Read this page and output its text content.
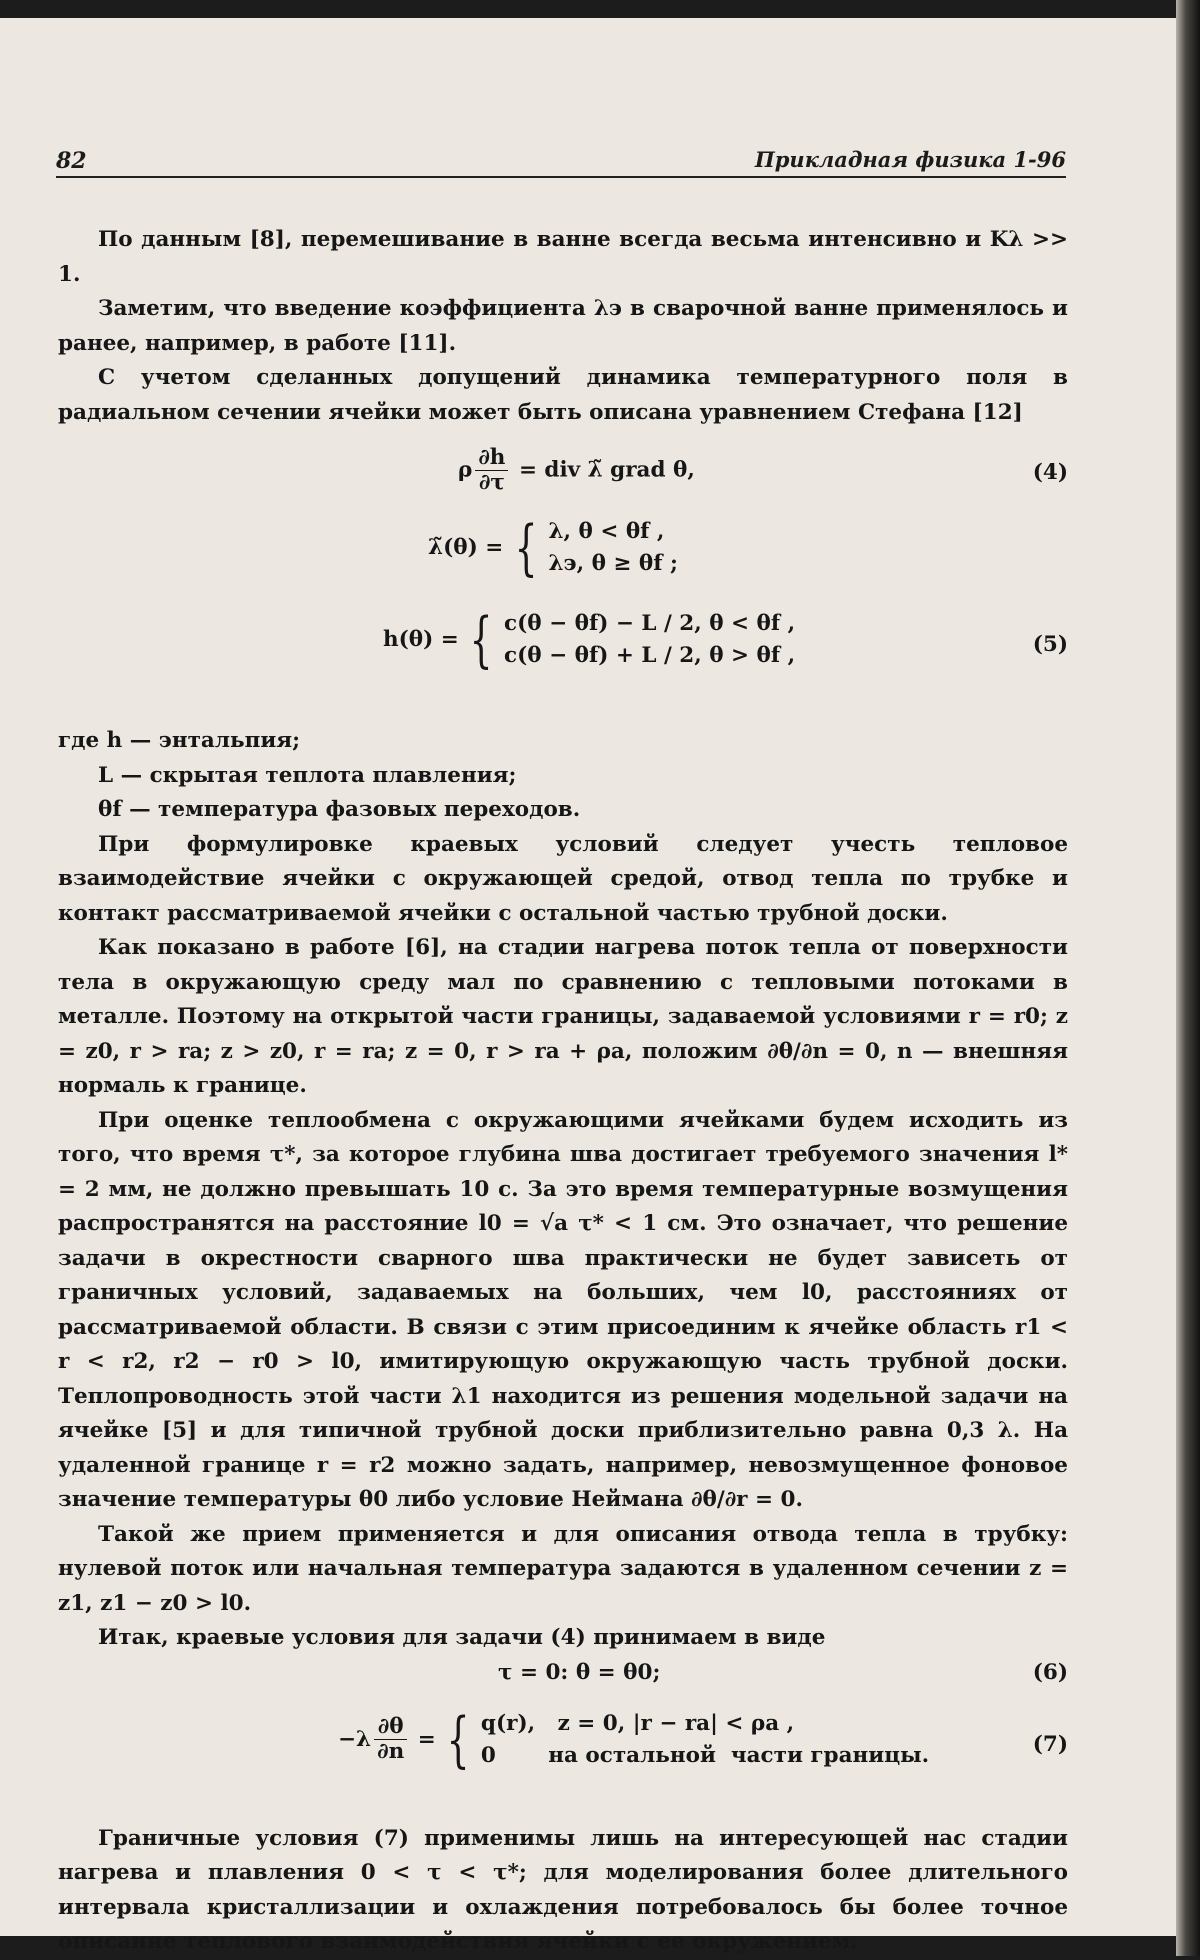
82	Прикладная физика 1-96

По данным [8], перемешивание в ванне всегда весьма интенсивно и Kλ >> 1.

Заметим, что введение коэффициента λэ в сварочной ванне применялось и ранее, например, в работе [11].

С учетом сделанных допущений динамика температурного поля в радиальном сечении ячейки может быть описана уравнением Стефана [12]

ρ $\frac{\partial h}{\partial\tau}$ = div λ̃ grad θ,	(4)
λ̃(θ) = { λ, θ < θf ,
λэ, θ ≥ θf ;
h(θ) = { c(θ − θf) − L / 2, θ < θf ,
c(θ − θf) + L / 2, θ > θf ,	(5)

где h — энтальпия;

L — скрытая теплота плавления;

θf — температура фазовых переходов.

При формулировке краевых условий следует учесть тепловое взаимодействие ячейки с окружающей средой, отвод тепла по трубке и контакт рассматриваемой ячейки с остальной частью трубной доски.

Как показано в работе [6], на стадии нагрева поток тепла от поверхности тела в окружающую среду мал по сравнению с тепловыми потоками в металле. Поэтому на открытой части границы, задаваемой условиями r = r0; z = z0, r > ra; z > z0, r = ra; z = 0, r > ra + ρa, положим ∂θ/∂n = 0, n — внешняя нормаль к границе.

При оценке теплообмена с окружающими ячейками будем исходить из того, что время τ*, за которое глубина шва достигает требуемого значения l* = 2 мм, не должно превышать 10 с. За это время температурные возмущения распространятся на расстояние l0 = √a τ* < 1 см. Это означает, что решение задачи в окрестности сварного шва практически не будет зависеть от граничных условий, задаваемых на больших, чем l0, расстояниях от рассматриваемой области. В связи с этим присоединим к ячейке область r1 < r < r2, r2 − r0 > l0, имитирующую окружающую часть трубной доски. Теплопроводность этой части λ1 находится из решения модельной задачи на ячейке [5] и для типичной трубной доски приблизительно равна 0,3 λ. На удаленной границе r = r2 можно задать, например, невозмущенное фоновое значение температуры θ0 либо условие Неймана ∂θ/∂r = 0.

Такой же прием применяется и для описания отвода тепла в трубку: нулевой поток или начальная температура задаются в удаленном сечении z = z1, z1 − z0 > l0.

Итак, краевые условия для задачи (4) принимаем в виде

τ = 0: θ = θ0;	(6)
$-\lambda \frac{\partial\theta}{\partial n}$ = { q(r),   z = 0, |r − ra| < ρa ,
0       на остальной  части границы.	(7)

Граничные условия (7) применимы лишь на интересующей нас стадии нагрева и плавления 0 < τ < τ*; для моделирования более длительного интервала кристаллизации и охлаждения потребовалось бы более точное описание теплового взаимодействия ячейки с ее окружением.
